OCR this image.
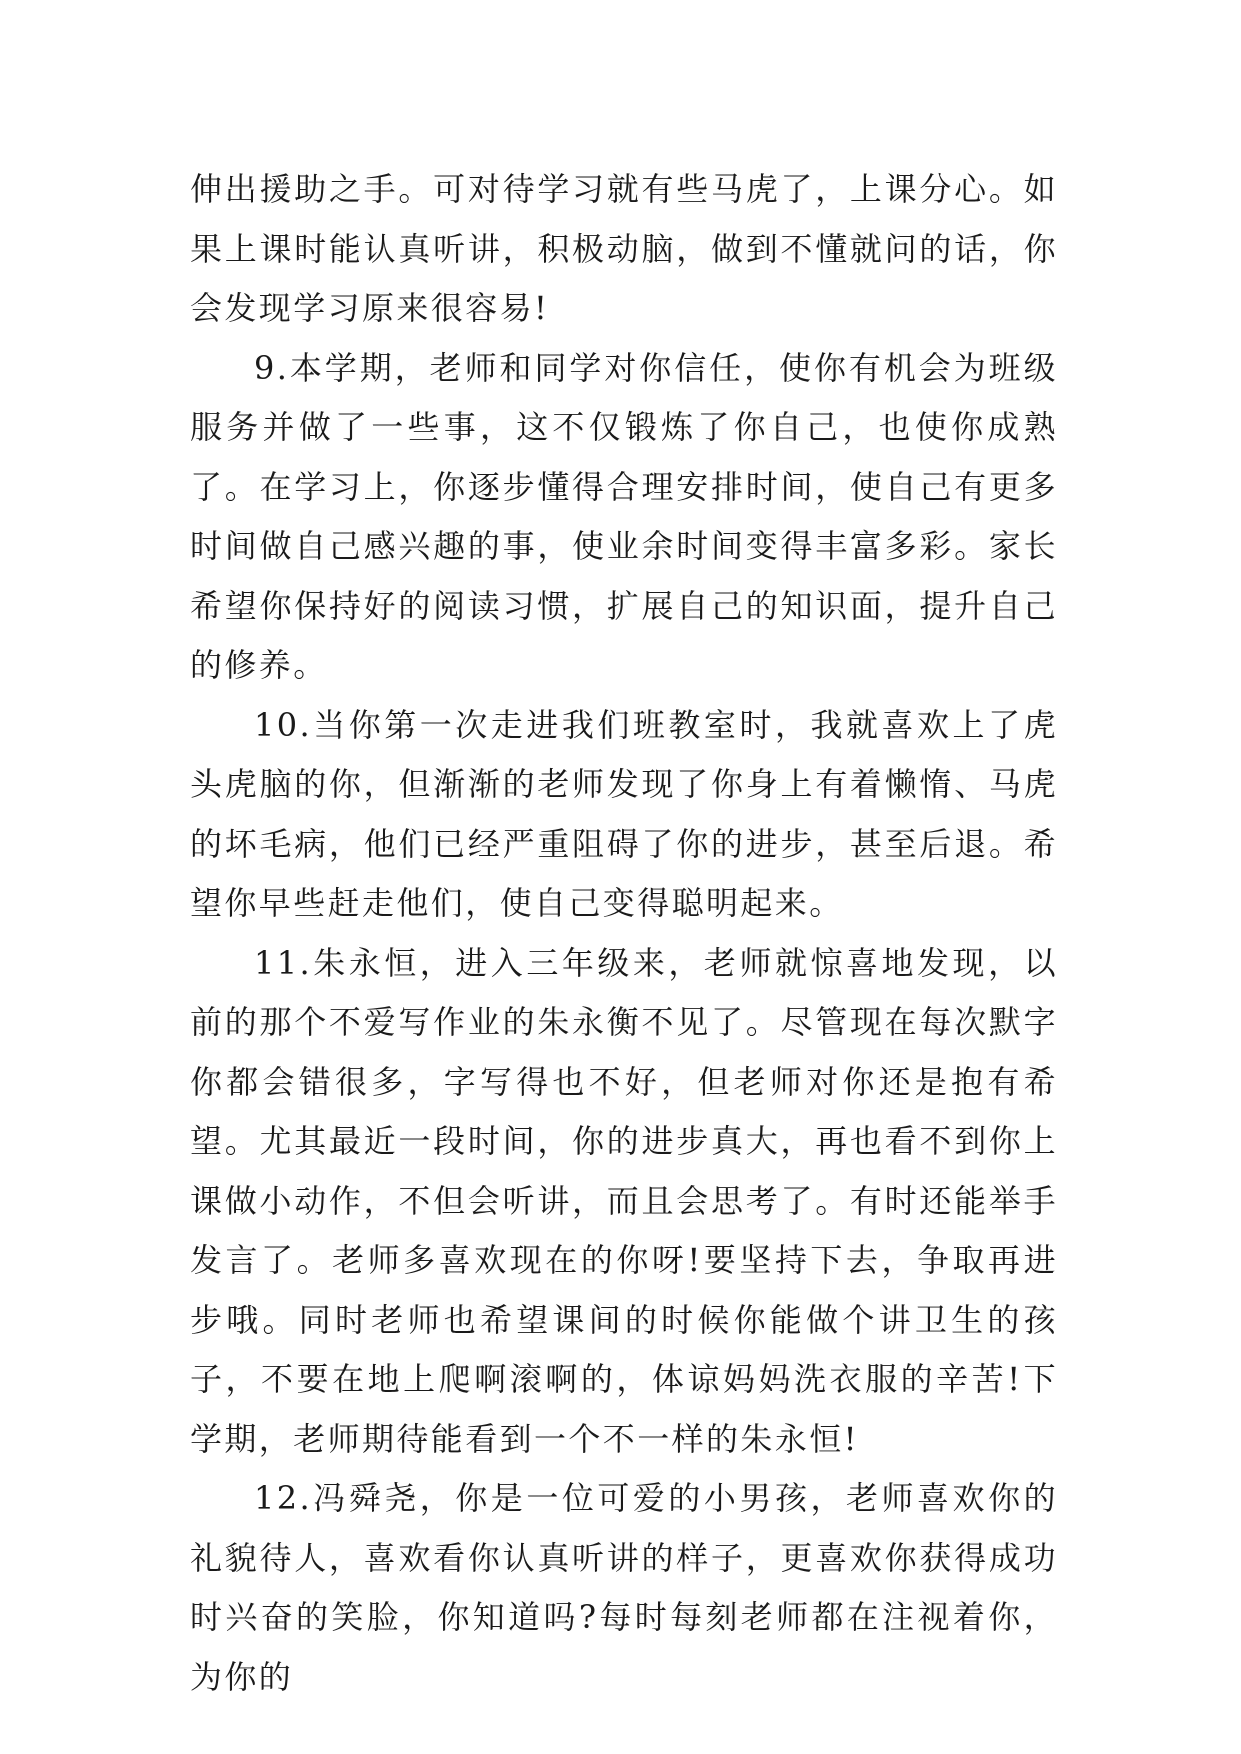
伸出援助之手。可对待学习就有些马虎了，上课分心。如果上课时能认真听讲，积极动脑，做到不懂就问的话，你会发现学习原来很容易!

9.本学期，老师和同学对你信任，使你有机会为班级服务并做了一些事，这不仅锻炼了你自己，也使你成熟了。在学习上，你逐步懂得合理安排时间，使自己有更多时间做自己感兴趣的事，使业余时间变得丰富多彩。家长希望你保持好的阅读习惯，扩展自己的知识面，提升自己的修养。

10.当你第一次走进我们班教室时，我就喜欢上了虎头虎脑的你，但渐渐的老师发现了你身上有着懒惰、马虎的坏毛病，他们已经严重阻碍了你的进步，甚至后退。希望你早些赶走他们，使自己变得聪明起来。

11.朱永恒，进入三年级来，老师就惊喜地发现，以前的那个不爱写作业的朱永衡不见了。尽管现在每次默字你都会错很多，字写得也不好，但老师对你还是抱有希望。尤其最近一段时间，你的进步真大，再也看不到你上课做小动作，不但会听讲，而且会思考了。有时还能举手发言了。老师多喜欢现在的你呀!要坚持下去，争取再进步哦。同时老师也希望课间的时候你能做个讲卫生的孩子，不要在地上爬啊滚啊的，体谅妈妈洗衣服的辛苦!下学期，老师期待能看到一个不一样的朱永恒!

12.冯舜尧，你是一位可爱的小男孩，老师喜欢你的礼貌待人，喜欢看你认真听讲的样子，更喜欢你获得成功时兴奋的笑脸，你知道吗?每时每刻老师都在注视着你，为你的
